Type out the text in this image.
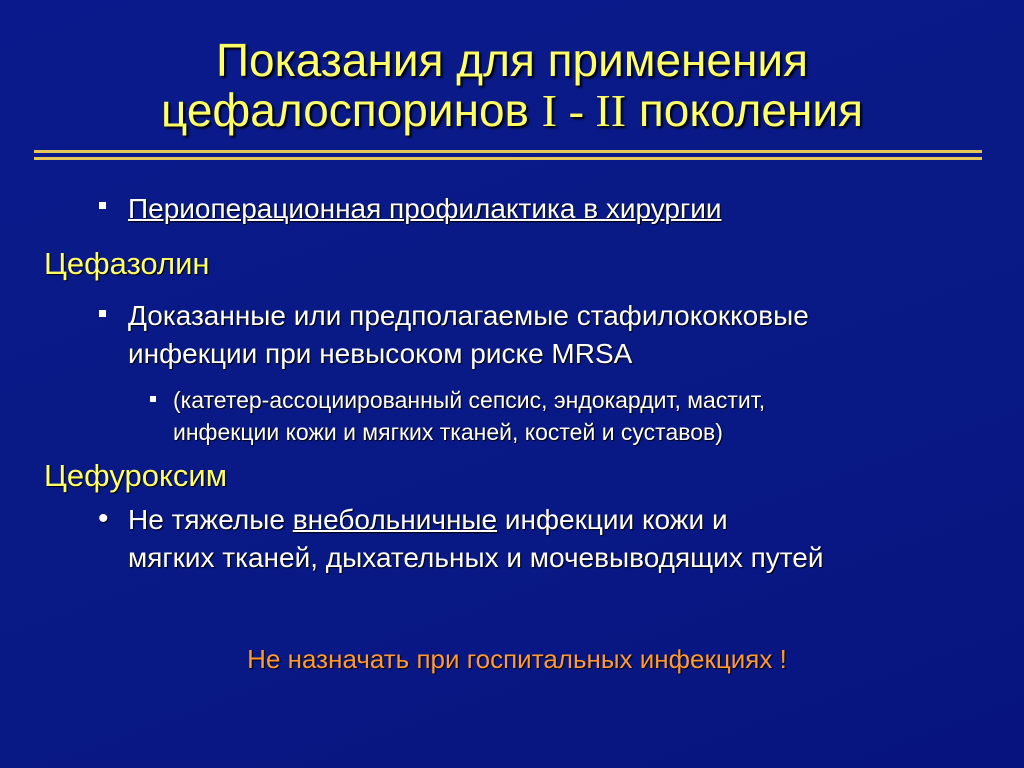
Показания для применения
цефалоспоринов I - II поколения
Периоперационная профилактика в хирургии
Цефазолин
Доказанные или предполагаемые стафилококковые
инфекции при невысоком риске MRSA
(катетер-ассоциированный сепсис, эндокардит, мастит,
инфекции кожи и мягких тканей, костей и суставов)
Цефуроксим
• Не тяжелые внебольничные инфекции кожи и
мягких тканей, дыхательных и мочевыводящих путей
Не назначать при госпитальных инфекциях !
